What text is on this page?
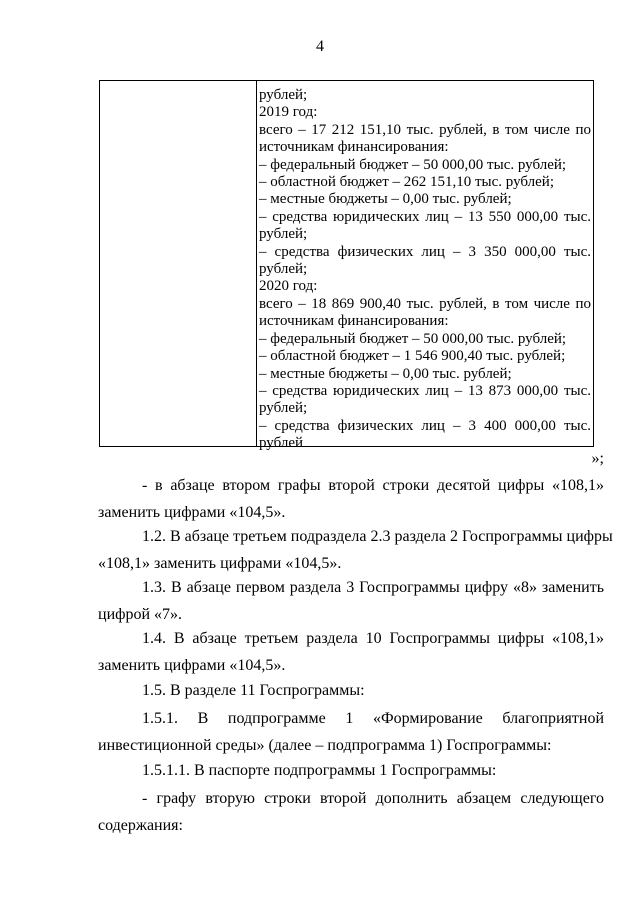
4
рублей;
2019 год:
всего – 17 212 151,10 тыс. рублей, в том числе по
источникам финансирования:
– федеральный бюджет – 50 000,00 тыс. рублей;
– областной бюджет – 262 151,10 тыс. рублей;
– местные бюджеты – 0,00 тыс. рублей;
– средства юридических лиц – 13 550 000,00 тыс.
рублей;
– средства физических лиц – 3 350 000,00 тыс.
рублей;
2020 год:
всего – 18 869 900,40 тыс. рублей, в том числе по
источникам финансирования:
– федеральный бюджет – 50 000,00 тыс. рублей;
– областной бюджет – 1 546 900,40 тыс. рублей;
– местные бюджеты – 0,00 тыс. рублей;
– средства юридических лиц – 13 873 000,00 тыс.
рублей;
– средства физических лиц – 3 400 000,00 тыс.
рублей
»;
- в абзаце втором графы второй строки десятой цифры «108,1»
заменить цифрами «104,5».
1.2. В абзаце третьем подраздела 2.3 раздела 2 Госпрограммы цифры
«108,1» заменить цифрами «104,5».
1.3. В абзаце первом раздела 3 Госпрограммы цифру «8» заменить
цифрой «7».
1.4. В абзаце третьем раздела 10 Госпрограммы цифры «108,1»
заменить цифрами «104,5».
1.5. В разделе 11 Госпрограммы:
1.5.1. В подпрограмме 1 «Формирование благоприятной
инвестиционной среды» (далее – подпрограмма 1) Госпрограммы:
1.5.1.1. В паспорте подпрограммы 1 Госпрограммы:
- графу вторую строки второй дополнить абзацем следующего
содержания:
